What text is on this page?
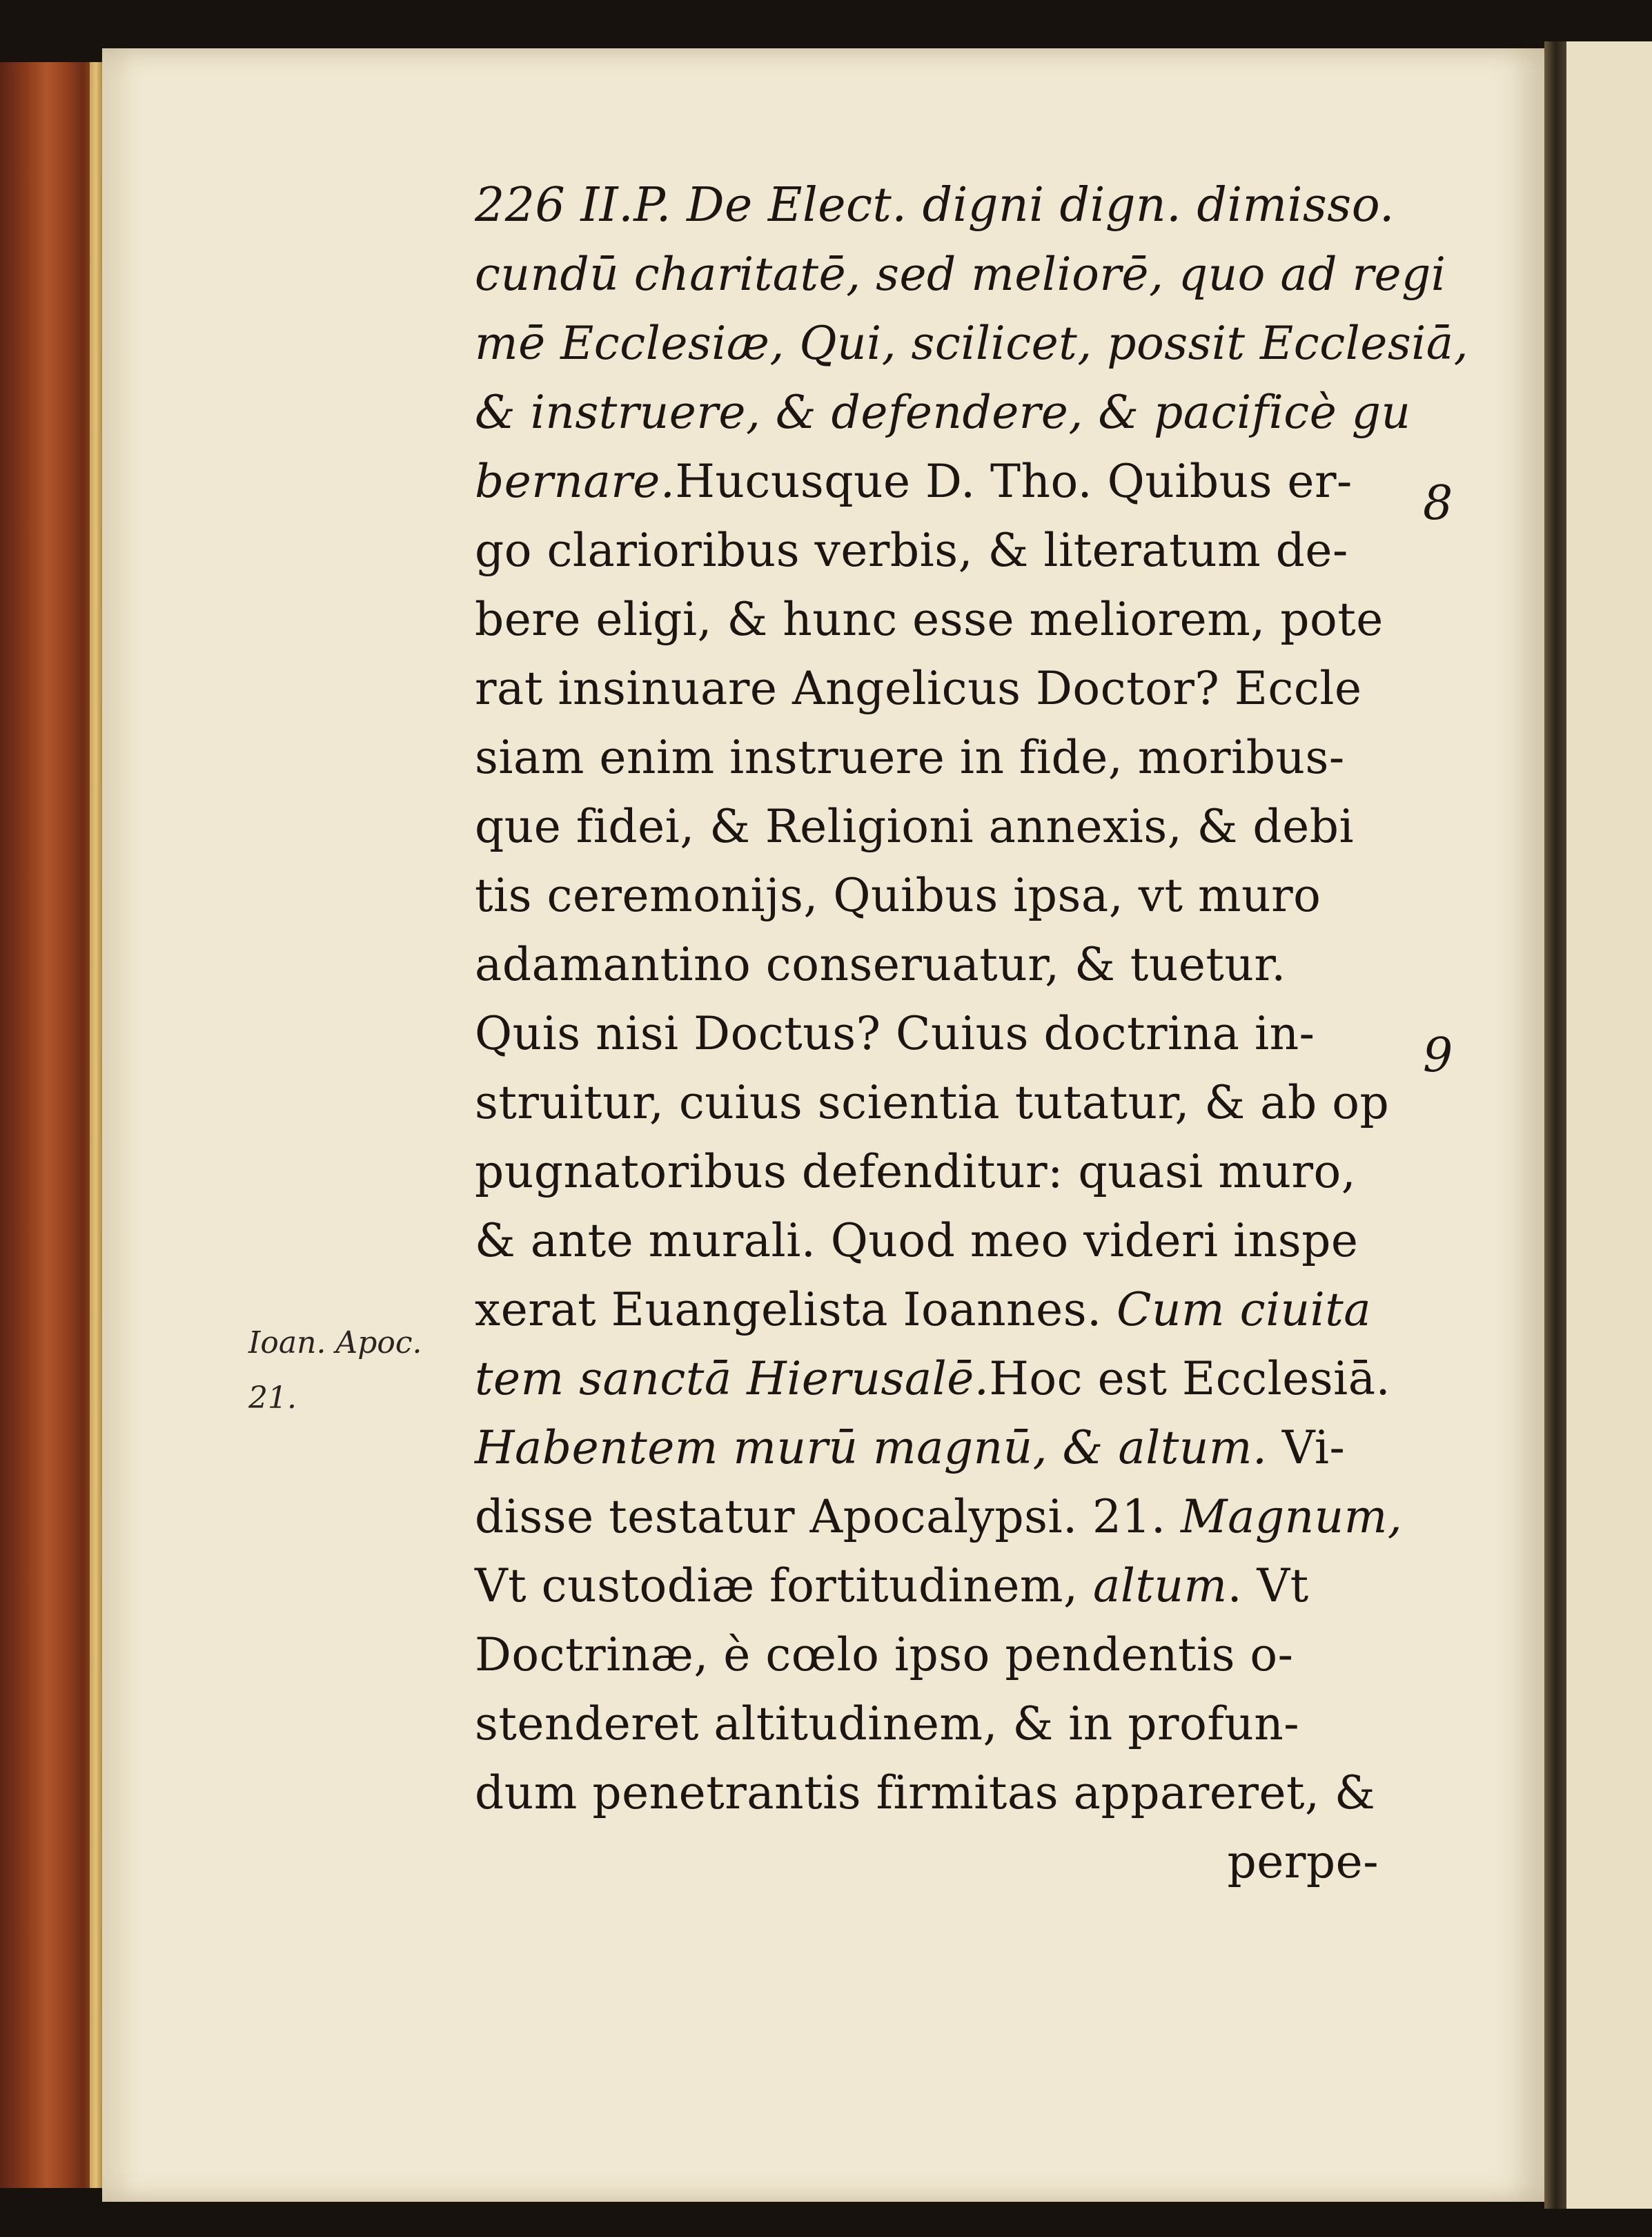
226 II.P. De Elect. digni dign. dimisso.
cundū charitatē, sed meliorē, quo ad regi
mē Ecclesiæ, Qui, scilicet, possit Ecclesiā,
& instruere, & defendere, & pacificè gu
bernare.Hucusque D. Tho. Quibus er-
go clarioribus verbis, & literatum de-
bere eligi, & hunc esse meliorem, pote
rat insinuare Angelicus Doctor? Eccle
siam enim instruere in fide, moribus-
que fidei, & Religioni annexis, & debi
tis ceremonijs, Quibus ipsa, vt muro
adamantino conseruatur, & tuetur.
Quis nisi Doctus? Cuius doctrina in-
struitur, cuius scientia tutatur, & ab op
pugnatoribus defenditur: quasi muro,
& ante murali. Quod meo videri inspe
xerat Euangelista Ioannes. Cum ciuita
tem sanctā Hierusalē.Hoc est Ecclesiā.
Habentem murū magnū, & altum. Vi-
disse testatur Apocalypsi. 21. Magnum,
Vt custodiæ fortitudinem, altum. Vt
Doctrinæ, è cœlo ipso pendentis o-
stenderet altitudinem, & in profun-
dum penetrantis firmitas appareret, &
perpe-
Ioan. Apoc.
21.
8
9
